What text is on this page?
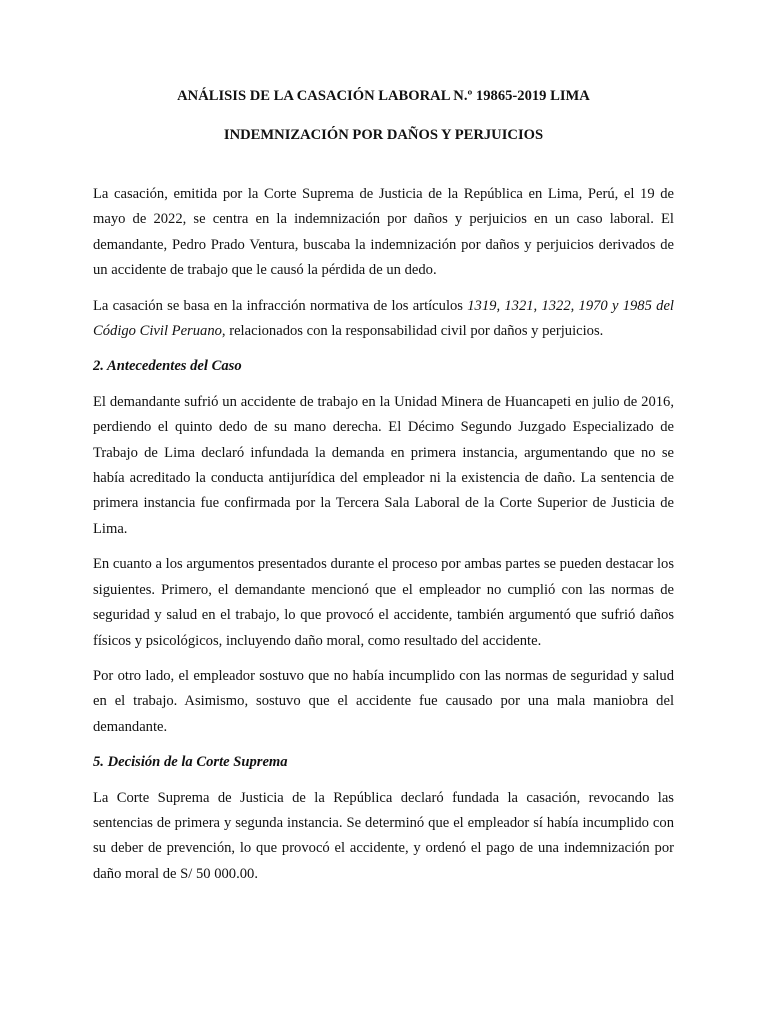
ANÁLISIS DE LA CASACIÓN LABORAL N.º 19865-2019 LIMA

INDEMNIZACIÓN POR DAÑOS Y PERJUICIOS

La casación, emitida por la Corte Suprema de Justicia de la República en Lima, Perú, el 19 de mayo de 2022, se centra en la indemnización por daños y perjuicios en un caso laboral. El demandante, Pedro Prado Ventura, buscaba la indemnización por daños y perjuicios derivados de un accidente de trabajo que le causó la pérdida de un dedo.

La casación se basa en la infracción normativa de los artículos 1319, 1321, 1322, 1970 y 1985 del Código Civil Peruano, relacionados con la responsabilidad civil por daños y perjuicios.

2. Antecedentes del Caso

El demandante sufrió un accidente de trabajo en la Unidad Minera de Huancapeti en julio de 2016, perdiendo el quinto dedo de su mano derecha. El Décimo Segundo Juzgado Especializado de Trabajo de Lima declaró infundada la demanda en primera instancia, argumentando que no se había acreditado la conducta antijurídica del empleador ni la existencia de daño. La sentencia de primera instancia fue confirmada por la Tercera Sala Laboral de la Corte Superior de Justicia de Lima.

En cuanto a los argumentos presentados durante el proceso por ambas partes se pueden destacar los siguientes. Primero, el demandante mencionó que el empleador no cumplió con las normas de seguridad y salud en el trabajo, lo que provocó el accidente, también argumentó que sufrió daños físicos y psicológicos, incluyendo daño moral, como resultado del accidente.

Por otro lado, el empleador sostuvo que no había incumplido con las normas de seguridad y salud en el trabajo. Asimismo, sostuvo que el accidente fue causado por una mala maniobra del demandante.

5. Decisión de la Corte Suprema

La Corte Suprema de Justicia de la República declaró fundada la casación, revocando las sentencias de primera y segunda instancia. Se determinó que el empleador sí había incumplido con su deber de prevención, lo que provocó el accidente, y ordenó el pago de una indemnización por daño moral de S/ 50 000.00.
